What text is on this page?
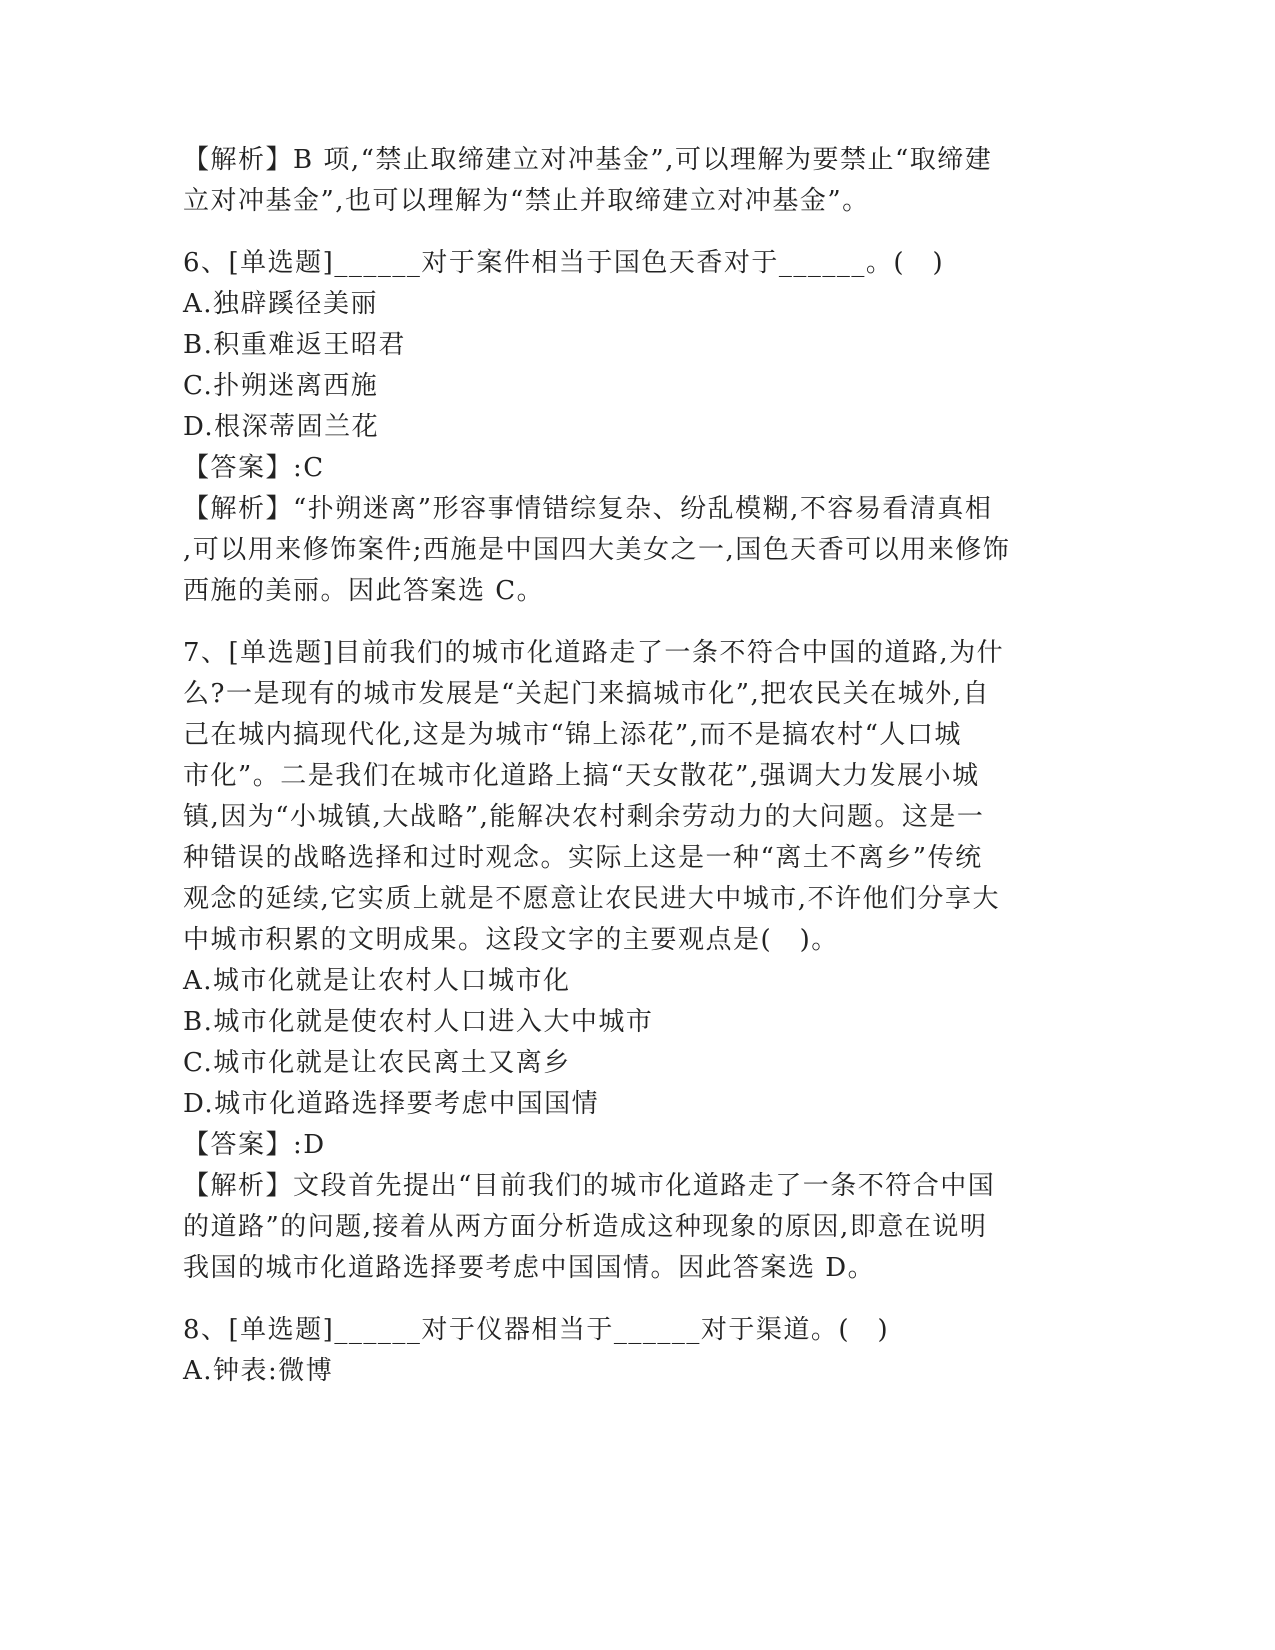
【解析】B 项,“禁止取缔建立对冲基金”,可以理解为要禁止“取缔建
立对冲基金”,也可以理解为“禁止并取缔建立对冲基金”。
6、[单选题]______对于案件相当于国色天香对于______。(　)
A.独辟蹊径美丽
B.积重难返王昭君
C.扑朔迷离西施
D.根深蒂固兰花
【答案】:C
【解析】“扑朔迷离”形容事情错综复杂、纷乱模糊,不容易看清真相
,可以用来修饰案件;西施是中国四大美女之一,国色天香可以用来修饰
西施的美丽。因此答案选 C。
7、[单选题]目前我们的城市化道路走了一条不符合中国的道路,为什
么?一是现有的城市发展是“关起门来搞城市化”,把农民关在城外,自
己在城内搞现代化,这是为城市“锦上添花”,而不是搞农村“人口城
市化”。二是我们在城市化道路上搞“天女散花”,强调大力发展小城
镇,因为“小城镇,大战略”,能解决农村剩余劳动力的大问题。这是一
种错误的战略选择和过时观念。实际上这是一种“离土不离乡”传统
观念的延续,它实质上就是不愿意让农民进大中城市,不许他们分享大
中城市积累的文明成果。这段文字的主要观点是(　)。
A.城市化就是让农村人口城市化
B.城市化就是使农村人口进入大中城市
C.城市化就是让农民离土又离乡
D.城市化道路选择要考虑中国国情
【答案】:D
【解析】文段首先提出“目前我们的城市化道路走了一条不符合中国
的道路”的问题,接着从两方面分析造成这种现象的原因,即意在说明
我国的城市化道路选择要考虑中国国情。因此答案选 D。
8、[单选题]______对于仪器相当于______对于渠道。(　)
A.钟表:微博
